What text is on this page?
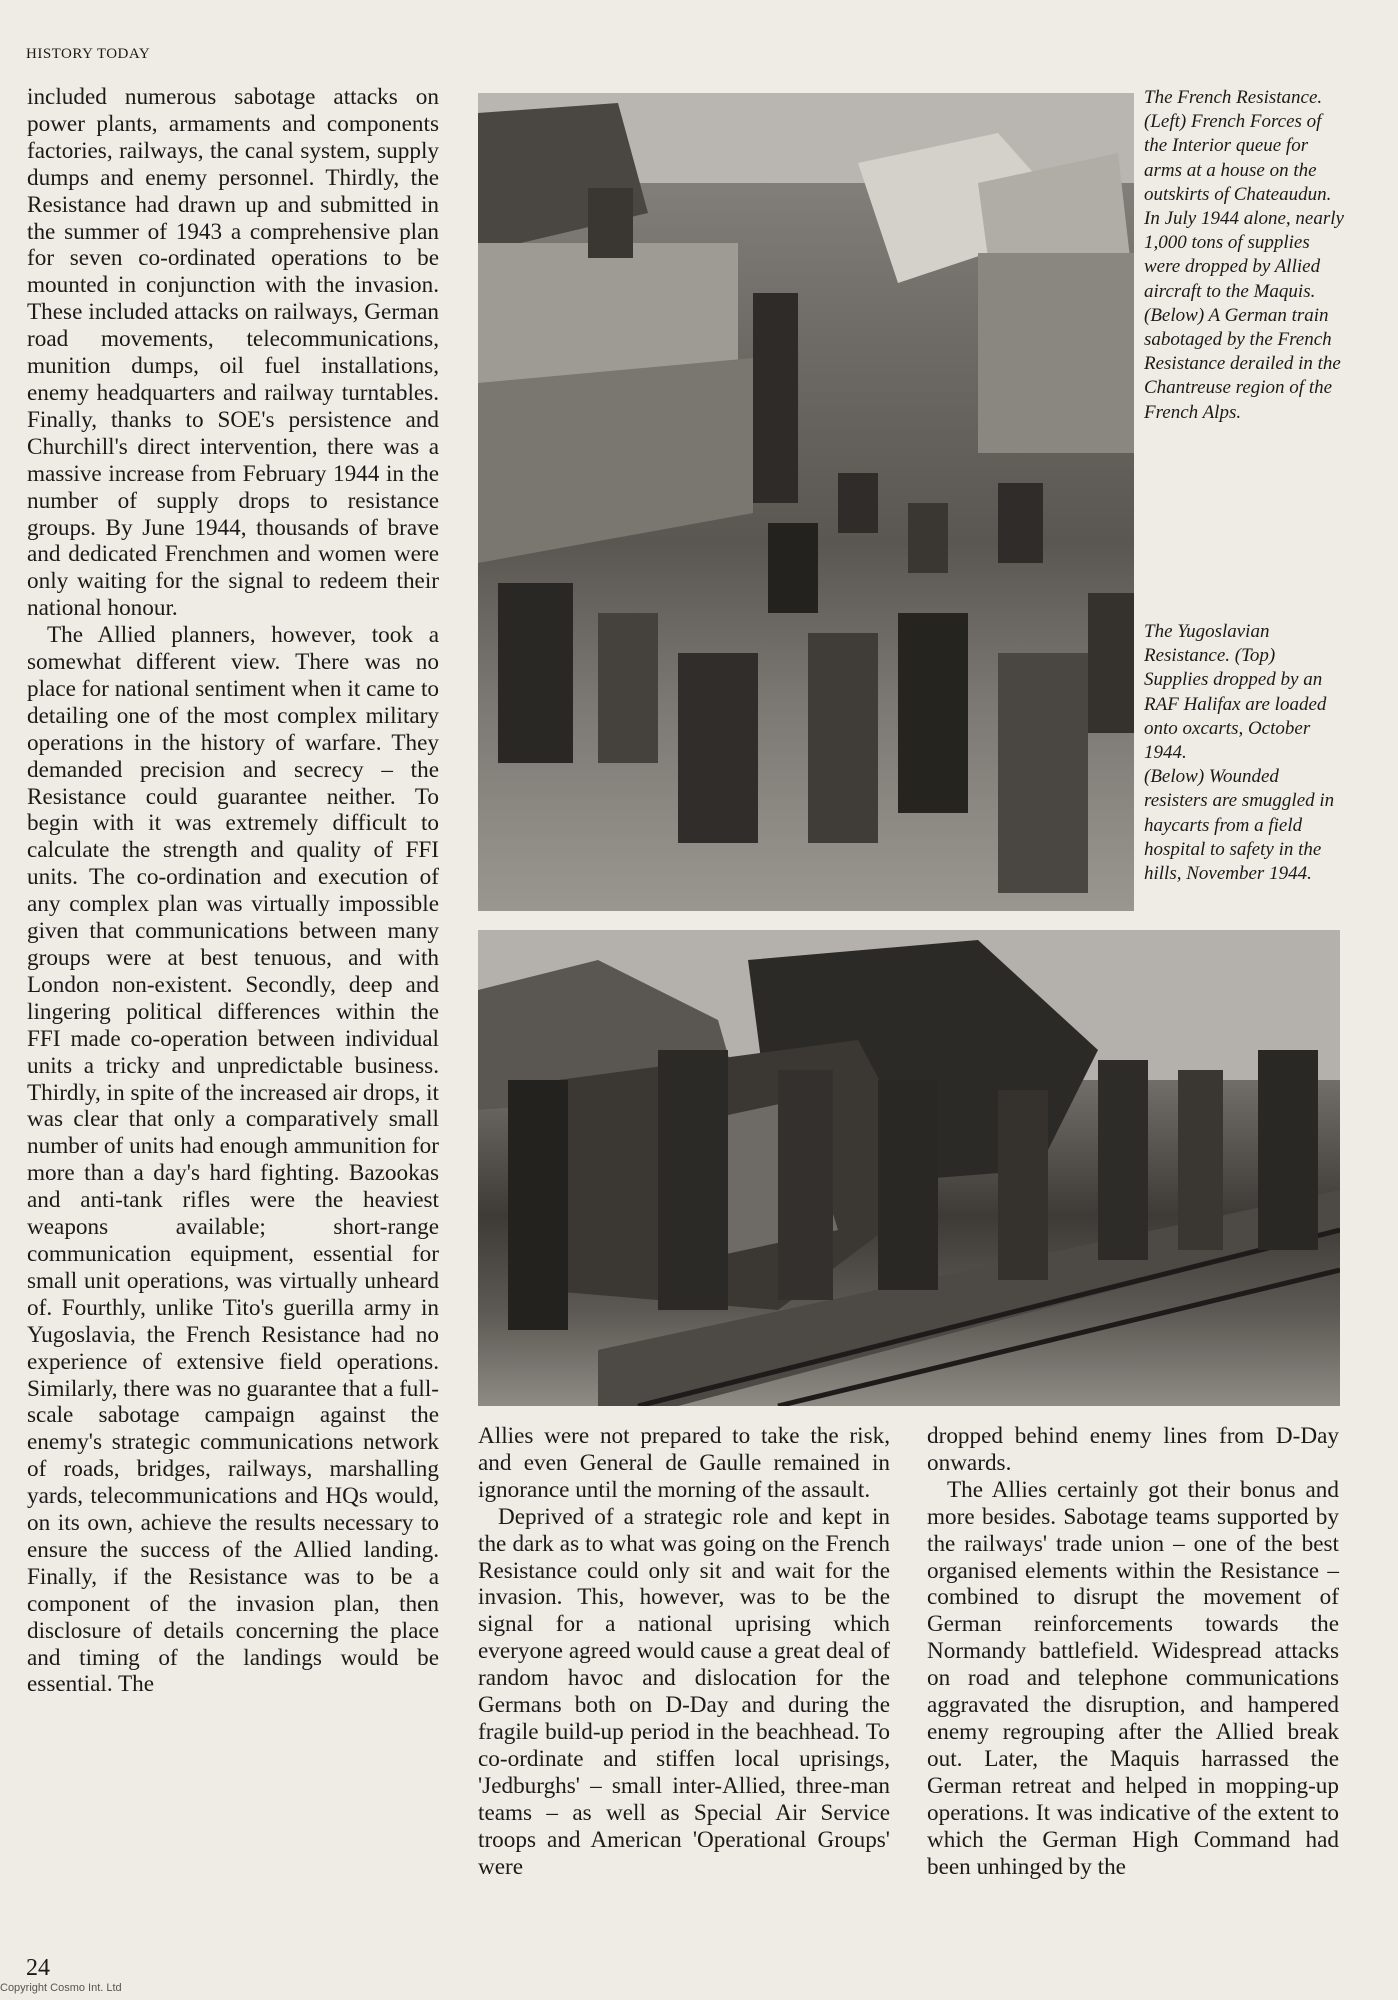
HISTORY TODAY

included numerous sabotage attacks on power plants, armaments and components factories, railways, the canal system, supply dumps and enemy personnel. Thirdly, the Resistance had drawn up and submitted in the summer of 1943 a comprehensive plan for seven co-ordinated operations to be mounted in conjunction with the invasion. These included attacks on railways, German road movements, telecommunications, munition dumps, oil fuel installations, enemy headquarters and railway turntables. Finally, thanks to SOE's persistence and Churchill's direct intervention, there was a massive increase from February 1944 in the number of supply drops to resistance groups. By June 1944, thousands of brave and dedicated Frenchmen and women were only waiting for the signal to redeem their national honour.

The Allied planners, however, took a somewhat different view. There was no place for national sentiment when it came to detailing one of the most complex military operations in the history of warfare. They demanded precision and secrecy – the Resistance could guarantee neither. To begin with it was extremely difficult to calculate the strength and quality of FFI units. The co-ordination and execution of any complex plan was virtually impossible given that communications between many groups were at best tenuous, and with London non-existent. Secondly, deep and lingering political differences within the FFI made co-operation between individual units a tricky and unpredictable business. Thirdly, in spite of the increased air drops, it was clear that only a comparatively small number of units had enough ammunition for more than a day's hard fighting. Bazookas and anti-tank rifles were the heaviest weapons available; short-range communication equipment, essential for small unit operations, was virtually unheard of. Fourthly, unlike Tito's guerilla army in Yugoslavia, the French Resistance had no experience of extensive field operations. Similarly, there was no guarantee that a full-scale sabotage campaign against the enemy's strategic communications network of roads, bridges, railways, marshalling yards, telecommunications and HQs would, on its own, achieve the results necessary to ensure the success of the Allied landing. Finally, if the Resistance was to be a component of the invasion plan, then disclosure of details concerning the place and timing of the landings would be essential. The

The French Resistance. (Left) French Forces of the Interior queue for arms at a house on the outskirts of Chateaudun. In July 1944 alone, nearly 1,000 tons of supplies were dropped by Allied aircraft to the Maquis.

(Below) A German train sabotaged by the French Resistance derailed in the Chantreuse region of the French Alps.

The Yugoslavian Resistance. (Top) Supplies dropped by an RAF Halifax are loaded onto oxcarts, October 1944.

(Below) Wounded resisters are smuggled in haycarts from a field hospital to safety in the hills, November 1944.

Allies were not prepared to take the risk, and even General de Gaulle remained in ignorance until the morning of the assault.

Deprived of a strategic role and kept in the dark as to what was going on the French Resistance could only sit and wait for the invasion. This, however, was to be the signal for a national uprising which everyone agreed would cause a great deal of random havoc and dislocation for the Germans both on D-Day and during the fragile build-up period in the beachhead. To co-ordinate and stiffen local uprisings, 'Jedburghs' – small inter-Allied, three-man teams – as well as Special Air Service troops and American 'Operational Groups' were

dropped behind enemy lines from D-Day onwards.

The Allies certainly got their bonus and more besides. Sabotage teams supported by the railways' trade union – one of the best organised elements within the Resistance – combined to disrupt the movement of German reinforcements towards the Normandy battlefield. Widespread attacks on road and telephone communications aggravated the disruption, and hampered enemy regrouping after the Allied break out. Later, the Maquis harrassed the German retreat and helped in mopping-up operations. It was indicative of the extent to which the German High Command had been unhinged by the

24
Copyright Cosmo Int. Ltd
